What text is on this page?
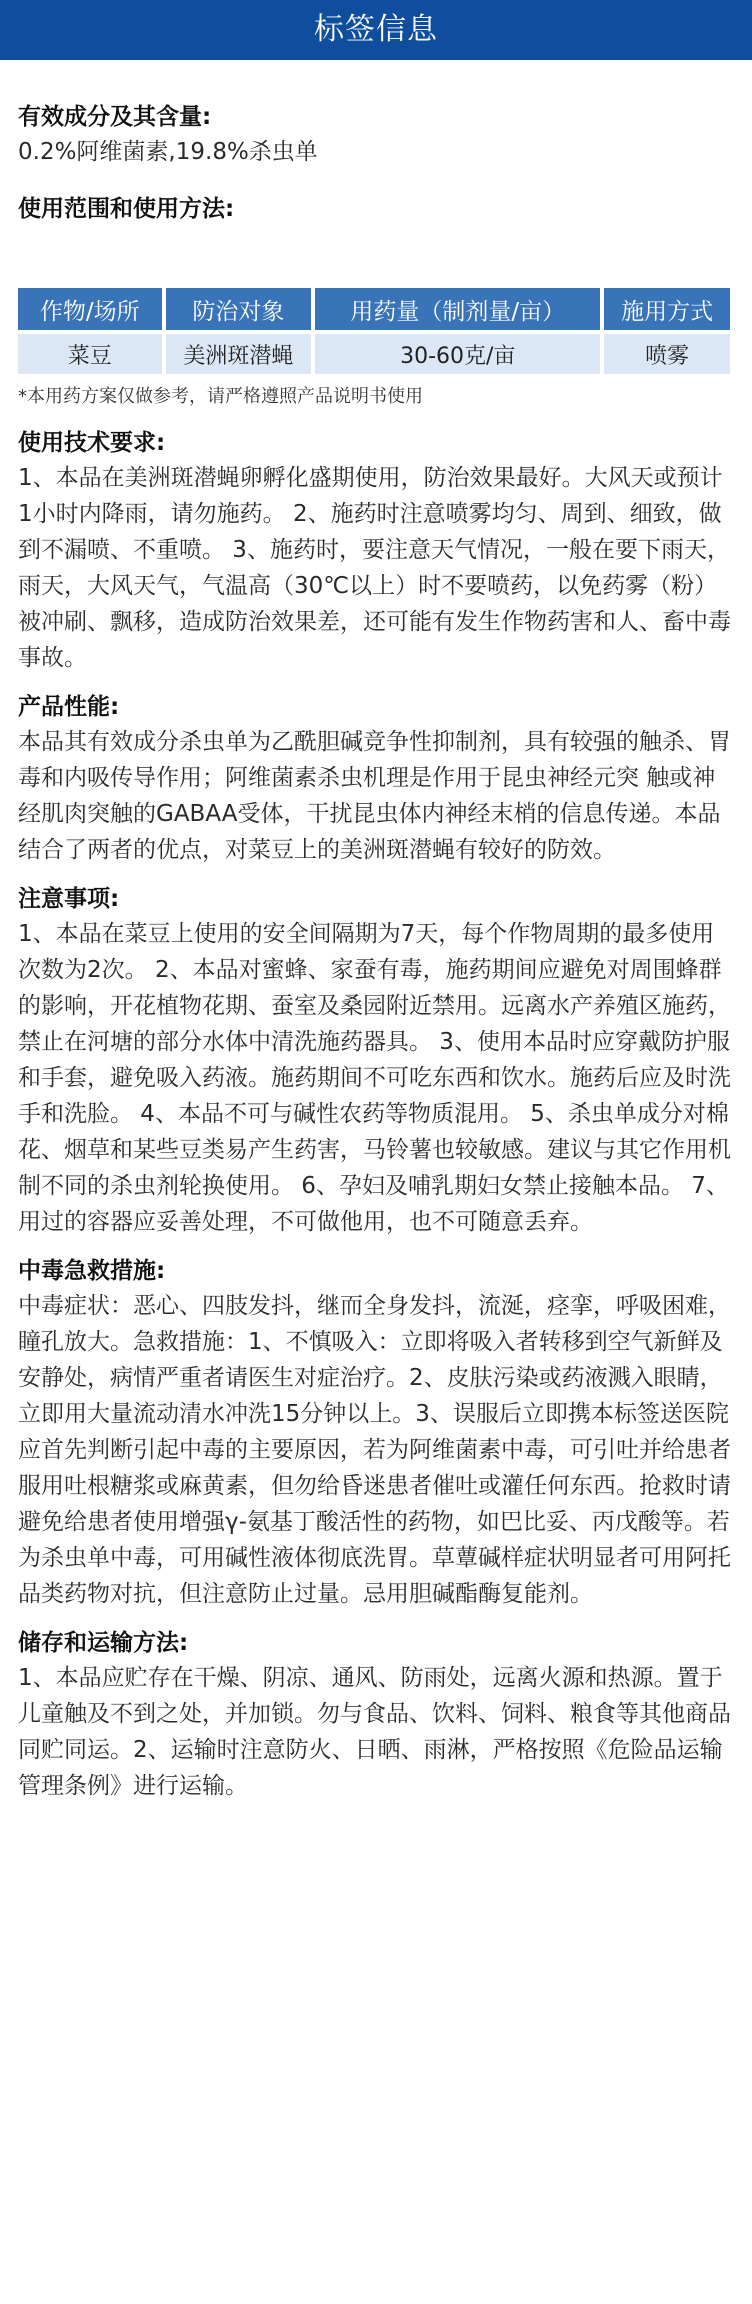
标签信息
有效成分及其含量:
0.2%阿维菌素,19.8%杀虫单
使用范围和使用方法:
作物/场所	防治对象	用药量（制剂量/亩）	施用方式
菜豆	美洲斑潜蝇	30-60克/亩	喷雾
*本用药方案仅做参考，请严格遵照产品说明书使用
使用技术要求:
1、本品在美洲斑潜蝇卵孵化盛期使用，防治效果最好。大风天或预计1小时内降雨，请勿施药。 2、施药时注意喷雾均匀、周到、细致，做到不漏喷、不重喷。 3、施药时，要注意天气情况，一般在要下雨天，雨天，大风天气，气温高（30℃以上）时不要喷药，以免药雾（粉）被冲刷、飘移，造成防治效果差，还可能有发生作物药害和人、畜中毒事故。
产品性能:
本品其有效成分杀虫单为乙酰胆碱竞争性抑制剂，具有较强的触杀、胃毒和内吸传导作用；阿维菌素杀虫机理是作用于昆虫神经元突 触或神经肌肉突触的GABAA受体，干扰昆虫体内神经末梢的信息传递。本品结合了两者的优点，对菜豆上的美洲斑潜蝇有较好的防效。
注意事项:
1、本品在菜豆上使用的安全间隔期为7天，每个作物周期的最多使用次数为2次。 2、本品对蜜蜂、家蚕有毒，施药期间应避免对周围蜂群的影响，开花植物花期、蚕室及桑园附近禁用。远离水产养殖区施药，禁止在河塘的部分水体中清洗施药器具。 3、使用本品时应穿戴防护服和手套，避免吸入药液。施药期间不可吃东西和饮水。施药后应及时洗手和洗脸。 4、本品不可与碱性农药等物质混用。 5、杀虫单成分对棉花、烟草和某些豆类易产生药害，马铃薯也较敏感。建议与其它作用机制不同的杀虫剂轮换使用。 6、孕妇及哺乳期妇女禁止接触本品。 7、用过的容器应妥善处理，不可做他用，也不可随意丢弃。
中毒急救措施:
中毒症状：恶心、四肢发抖，继而全身发抖，流涎，痉挛，呼吸困难，瞳孔放大。急救措施：1、不慎吸入：立即将吸入者转移到空气新鲜及安静处，病情严重者请医生对症治疗。2、皮肤污染或药液溅入眼睛，立即用大量流动清水冲洗15分钟以上。3、误服后立即携本标签送医院应首先判断引起中毒的主要原因，若为阿维菌素中毒，可引吐并给患者服用吐根糖浆或麻黄素，但勿给昏迷患者催吐或灌任何东西。抢救时请避免给患者使用增强γ-氨基丁酸活性的药物，如巴比妥、丙戊酸等。若为杀虫单中毒，可用碱性液体彻底洗胃。草蕈碱样症状明显者可用阿托品类药物对抗，但注意防止过量。忌用胆碱酯酶复能剂。
储存和运输方法:
1、本品应贮存在干燥、阴凉、通风、防雨处，远离火源和热源。置于儿童触及不到之处，并加锁。勿与食品、饮料、饲料、粮食等其他商品同贮同运。2、运输时注意防火、日晒、雨淋，严格按照《危险品运输管理条例》进行运输。
